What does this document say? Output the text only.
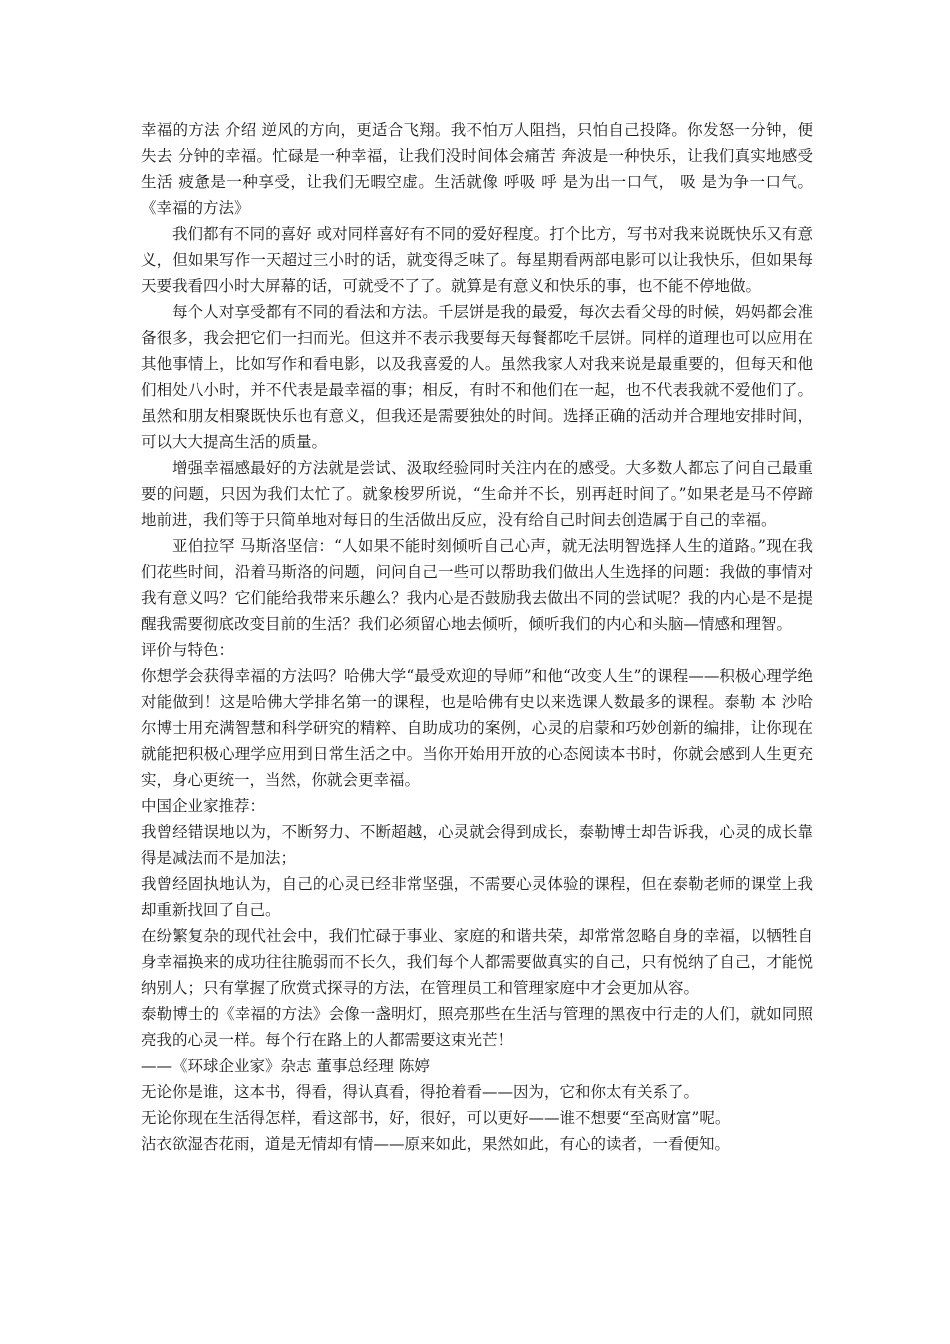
幸福的方法 介绍 逆风的方向，更适合飞翔。我不怕万人阻挡，只怕自己投降。你发怒一分钟，便失去 分钟的幸福。忙碌是一种幸福，让我们没时间体会痛苦 奔波是一种快乐，让我们真实地感受生活 疲惫是一种享受，让我们无暇空虚。生活就像 呼吸 呼 是为出一口气， 吸 是为争一口气。《幸福的方法》

我们都有不同的喜好 或对同样喜好有不同的爱好程度。打个比方，写书对我来说既快乐又有意义，但如果写作一天超过三小时的话，就变得乏味了。每星期看两部电影可以让我快乐，但如果每天要我看四小时大屏幕的话，可就受不了了。就算是有意义和快乐的事，也不能不停地做。

每个人对享受都有不同的看法和方法。千层饼是我的最爱，每次去看父母的时候，妈妈都会准备很多，我会把它们一扫而光。但这并不表示我要每天每餐都吃千层饼。同样的道理也可以应用在其他事情上，比如写作和看电影，以及我喜爱的人。虽然我家人对我来说是最重要的，但每天和他们相处八小时，并不代表是最幸福的事；相反，有时不和他们在一起，也不代表我就不爱他们了。虽然和朋友相聚既快乐也有意义，但我还是需要独处的时间。选择正确的活动并合理地安排时间，可以大大提高生活的质量。

增强幸福感最好的方法就是尝试、汲取经验同时关注内在的感受。大多数人都忘了问自己最重要的问题，只因为我们太忙了。就象梭罗所说，“生命并不长，别再赶时间了。”如果老是马不停蹄地前进，我们等于只简单地对每日的生活做出反应，没有给自己时间去创造属于自己的幸福。

亚伯拉罕 马斯洛坚信：“人如果不能时刻倾听自己心声，就无法明智选择人生的道路。”现在我们花些时间，沿着马斯洛的问题，问问自己一些可以帮助我们做出人生选择的问题：我做的事情对我有意义吗？它们能给我带来乐趣么？我内心是否鼓励我去做出不同的尝试呢？我的内心是不是提醒我需要彻底改变目前的生活？我们必须留心地去倾听，倾听我们的内心和头脑—情感和理智。

评价与特色：

你想学会获得幸福的方法吗？哈佛大学“最受欢迎的导师”和他“改变人生”的课程——积极心理学绝对能做到！这是哈佛大学排名第一的课程，也是哈佛有史以来选课人数最多的课程。泰勒 本 沙哈尔博士用充满智慧和科学研究的精粹、自助成功的案例，心灵的启蒙和巧妙创新的编排，让你现在就能把积极心理学应用到日常生活之中。当你开始用开放的心态阅读本书时，你就会感到人生更充实，身心更统一，当然，你就会更幸福。

中国企业家推荐：

我曾经错误地以为，不断努力、不断超越，心灵就会得到成长，泰勒博士却告诉我，心灵的成长靠得是减法而不是加法；

我曾经固执地认为，自己的心灵已经非常坚强，不需要心灵体验的课程，但在泰勒老师的课堂上我却重新找回了自己。

在纷繁复杂的现代社会中，我们忙碌于事业、家庭的和谐共荣，却常常忽略自身的幸福，以牺牲自身幸福换来的成功往往脆弱而不长久，我们每个人都需要做真实的自己，只有悦纳了自己，才能悦纳别人；只有掌握了欣赏式探寻的方法，在管理员工和管理家庭中才会更加从容。

泰勒博士的《幸福的方法》会像一盏明灯，照亮那些在生活与管理的黑夜中行走的人们，就如同照亮我的心灵一样。每个行在路上的人都需要这束光芒！

——《环球企业家》杂志 董事总经理 陈婷

无论你是谁，这本书，得看，得认真看，得抢着看——因为，它和你太有关系了。

无论你现在生活得怎样，看这部书，好，很好，可以更好——谁不想要“至高财富”呢。

沾衣欲湿杏花雨，道是无情却有情——原来如此，果然如此，有心的读者，一看便知。
